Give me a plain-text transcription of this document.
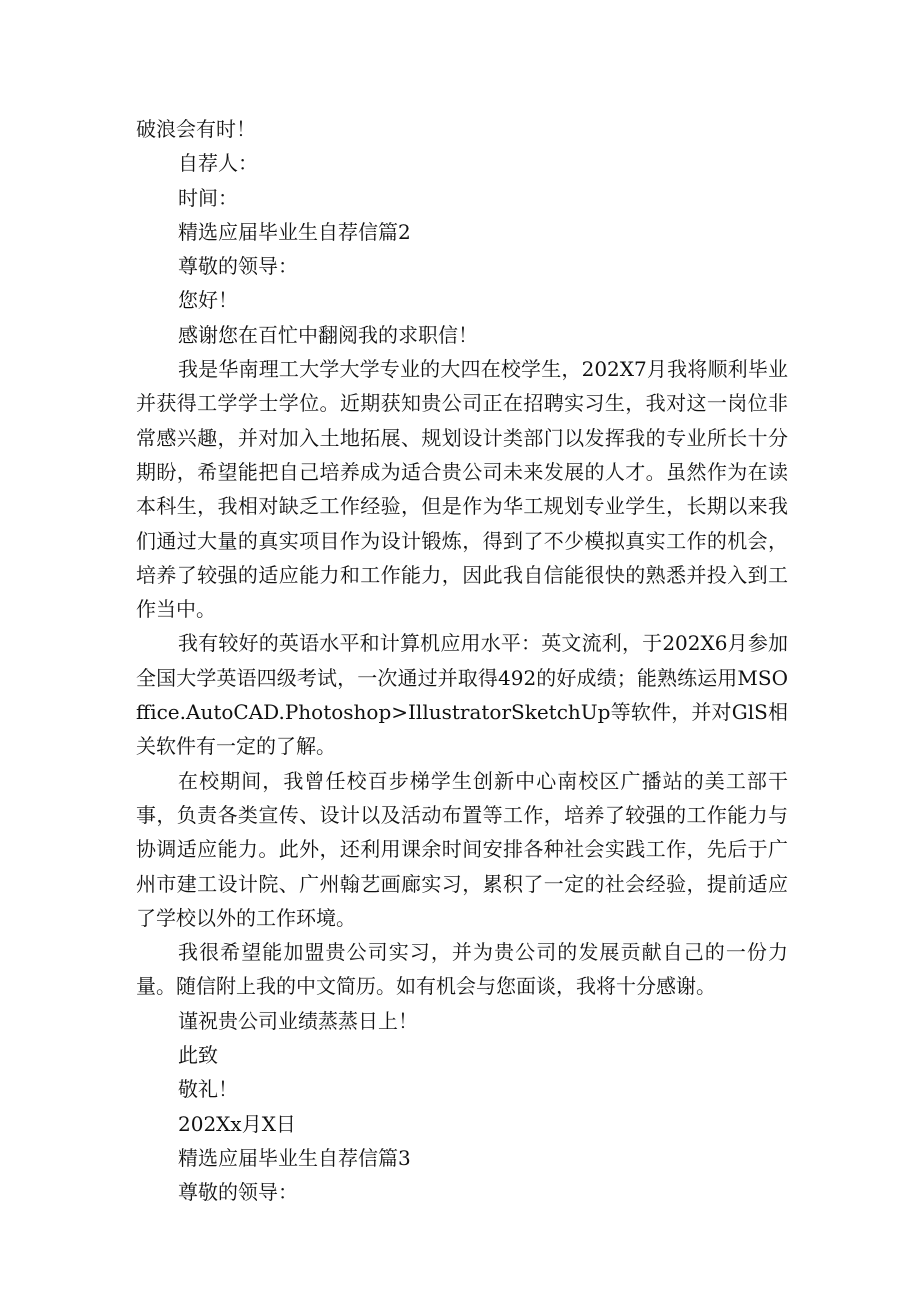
破浪会有时！

自荐人：

时间：

精选应届毕业生自荐信篇2

尊敬的领导：

您好！

感谢您在百忙中翻阅我的求职信！

我是华南理工大学大学专业的大四在校学生，202X7月我将顺利毕业并获得工学学士学位。近期获知贵公司正在招聘实习生，我对这一岗位非常感兴趣，并对加入土地拓展、规划设计类部门以发挥我的专业所长十分期盼，希望能把自己培养成为适合贵公司未来发展的人才。虽然作为在读本科生，我相对缺乏工作经验，但是作为华工规划专业学生，长期以来我们通过大量的真实项目作为设计锻炼，得到了不少模拟真实工作的机会，培养了较强的适应能力和工作能力，因此我自信能很快的熟悉并投入到工作当中。

我有较好的英语水平和计算机应用水平：英文流利，于202X6月参加全国大学英语四级考试，一次通过并取得492的好成绩；能熟练运用MSOffice.AutoCAD.Photoshop>IllustratorSketchUp等软件，并对GlS相关软件有一定的了解。

在校期间，我曾任校百步梯学生创新中心南校区广播站的美工部干事，负责各类宣传、设计以及活动布置等工作，培养了较强的工作能力与协调适应能力。此外，还利用课余时间安排各种社会实践工作，先后于广州市建工设计院、广州翰艺画廊实习，累积了一定的社会经验，提前适应了学校以外的工作环境。

我很希望能加盟贵公司实习，并为贵公司的发展贡献自己的一份力量。随信附上我的中文简历。如有机会与您面谈，我将十分感谢。

谨祝贵公司业绩蒸蒸日上！

此致

敬礼！

202Xx月X日

精选应届毕业生自荐信篇3

尊敬的领导：
